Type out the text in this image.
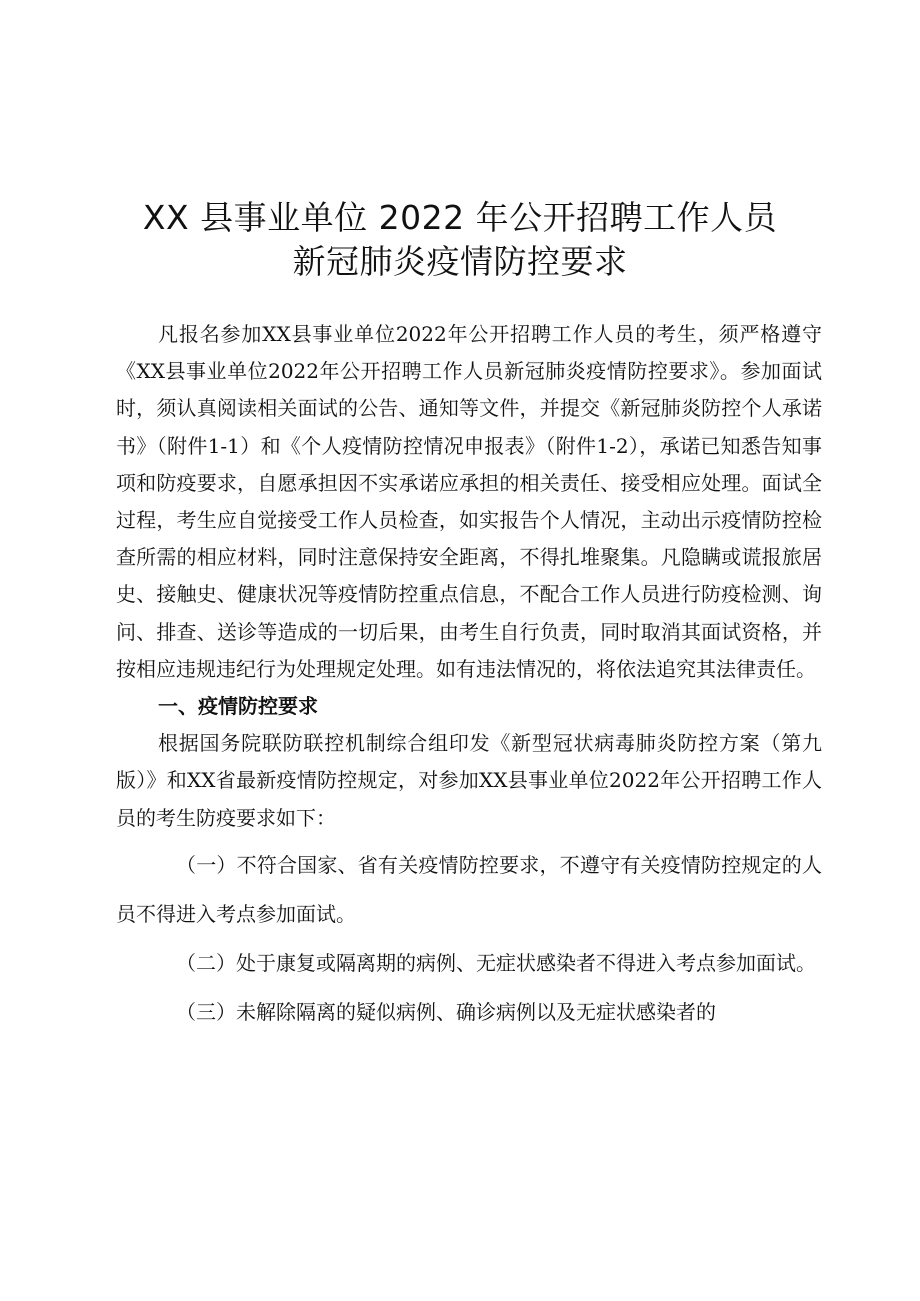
XX 县事业单位 2022 年公开招聘工作人员
新冠肺炎疫情防控要求

凡报名参加XX县事业单位2022年公开招聘工作人员的考生，须严格遵守《XX县事业单位2022年公开招聘工作人员新冠肺炎疫情防控要求》。参加面试时，须认真阅读相关面试的公告、通知等文件，并提交《新冠肺炎防控个人承诺书》（附件1-1）和《个人疫情防控情况申报表》（附件1-2），承诺已知悉告知事项和防疫要求，自愿承担因不实承诺应承担的相关责任、接受相应处理。面试全过程，考生应自觉接受工作人员检查，如实报告个人情况，主动出示疫情防控检查所需的相应材料，同时注意保持安全距离，不得扎堆聚集。凡隐瞒或谎报旅居史、接触史、健康状况等疫情防控重点信息，不配合工作人员进行防疫检测、询问、排查、送诊等造成的一切后果，由考生自行负责，同时取消其面试资格，并按相应违规违纪行为处理规定处理。如有违法情况的，将依法追究其法律责任。

一、疫情防控要求

根据国务院联防联控机制综合组印发《新型冠状病毒肺炎防控方案（第九版）》和XX省最新疫情防控规定，对参加XX县事业单位2022年公开招聘工作人员的考生防疫要求如下：

（一）不符合国家、省有关疫情防控要求，不遵守有关疫情防控规定的人员不得进入考点参加面试。

（二）处于康复或隔离期的病例、无症状感染者不得进入考点参加面试。

（三）未解除隔离的疑似病例、确诊病例以及无症状感染者的
